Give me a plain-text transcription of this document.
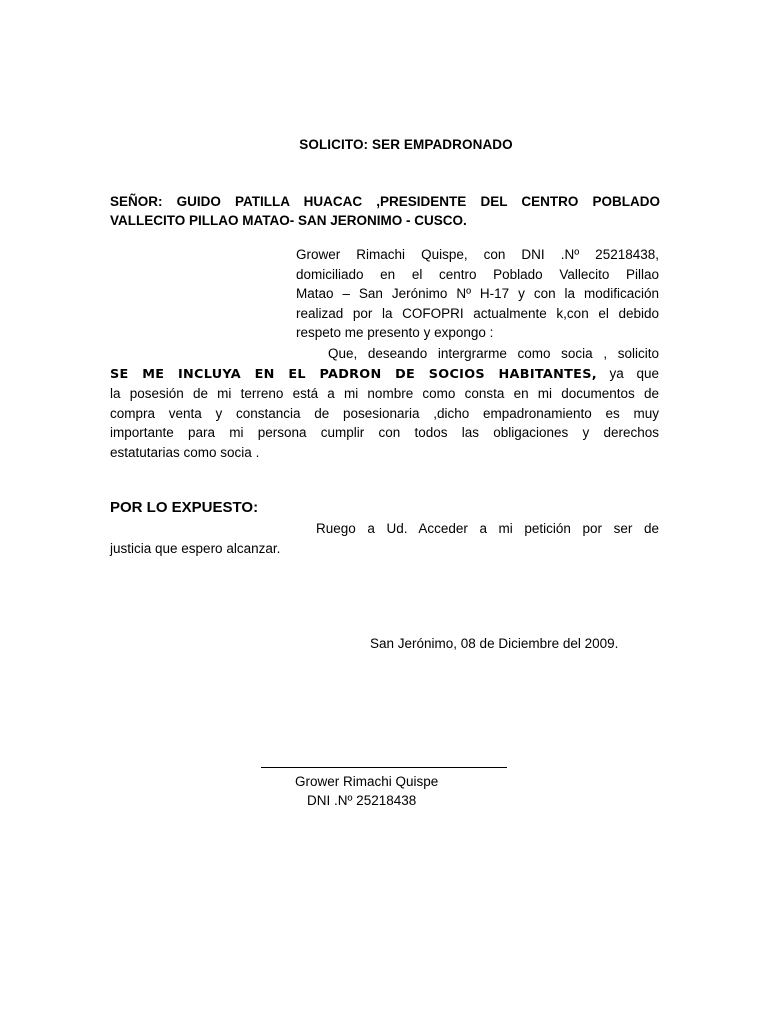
SOLICITO: SER EMPADRONADO
SEÑOR: GUIDO PATILLA HUACAC ,PRESIDENTE DEL CENTRO POBLADO
VALLECITO PILLAO MATAO- SAN JERONIMO - CUSCO.
Grower Rimachi Quispe, con DNI .Nº 25218438,
domiciliado en el centro Poblado Vallecito Pillao
Matao – San Jerónimo Nº H-17 y con la modificación
realizad por la COFOPRI actualmente k,con el debido
respeto me presento y expongo :
Que, deseando intergrarme como socia , solicito
SE ME INCLUYA EN EL PADRON DE SOCIOS HABITANTES, ya que
la posesión de mi terreno está a mi nombre como consta en mi documentos de
compra venta y constancia de posesionaria ,dicho empadronamiento es muy
importante para mi persona cumplir con todos las obligaciones y derechos
estatutarias como socia .
POR LO EXPUESTO:
Ruego a Ud. Acceder a mi petición por ser de
justicia que espero alcanzar.
San Jerónimo, 08 de Diciembre del 2009.
Grower Rimachi Quispe
DNI .Nº 25218438
